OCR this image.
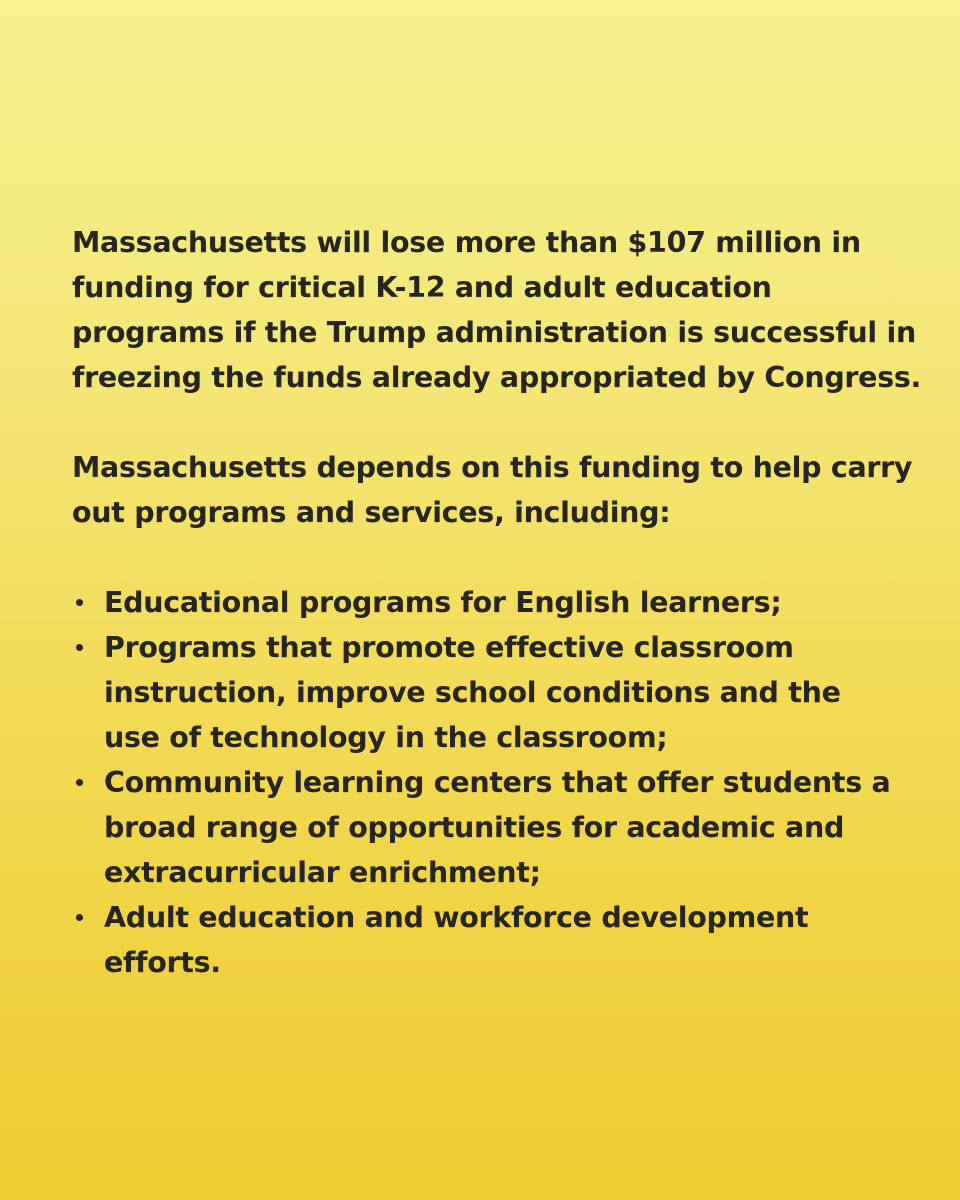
Massachusetts will lose more than $107 million in
funding for critical K-12 and adult education
programs if the Trump administration is successful in
freezing the funds already appropriated by Congress.

Massachusetts depends on this funding to help carry
out programs and services, including:

Educational programs for English learners;
Programs that promote effective classroom
instruction, improve school conditions and the
use of technology in the classroom;
Community learning centers that offer students a
broad range of opportunities for academic and
extracurricular enrichment;
Adult education and workforce development
efforts.
